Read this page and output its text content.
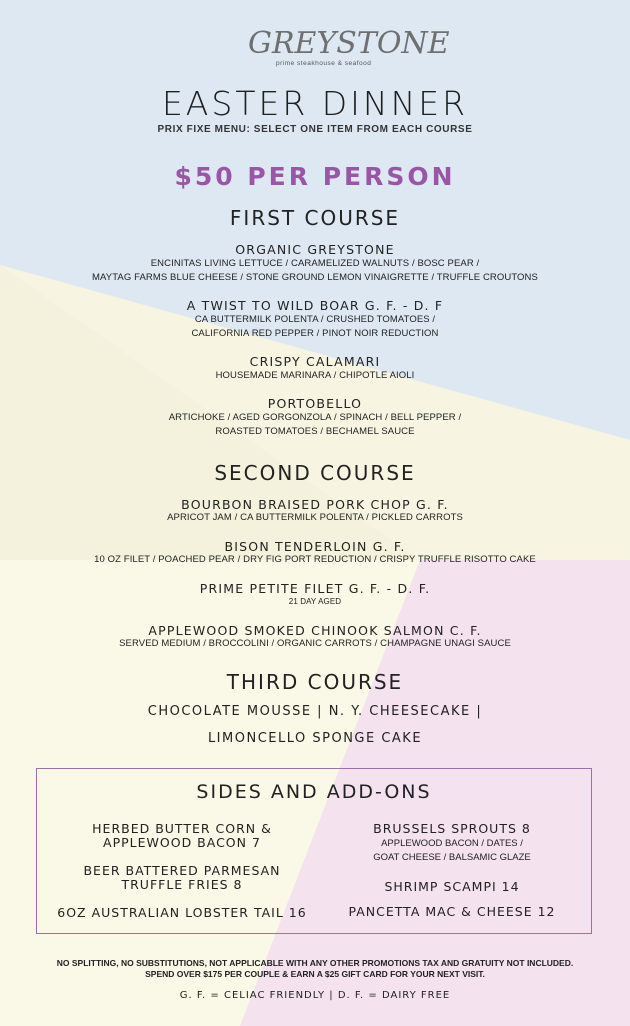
GREYSTONE
prime steakhouse & seafood
EASTER DINNER
PRIX FIXE MENU: SELECT ONE ITEM FROM EACH COURSE
$50 PER PERSON
FIRST COURSE
ORGANIC GREYSTONE
ENCINITAS LIVING LETTUCE / CARAMELIZED WALNUTS / BOSC PEAR /
MAYTAG FARMS BLUE CHEESE / STONE GROUND LEMON VINAIGRETTE / TRUFFLE CROUTONS
A TWIST TO WILD BOAR G. F. - D. F
CA BUTTERMILK POLENTA / CRUSHED TOMATOES /
CALIFORNIA RED PEPPER / PINOT NOIR REDUCTION
CRISPY CALAMARI
HOUSEMADE MARINARA / CHIPOTLE AIOLI
PORTOBELLO
ARTICHOKE / AGED GORGONZOLA / SPINACH / BELL PEPPER /
ROASTED TOMATOES / BECHAMEL SAUCE
SECOND COURSE
BOURBON BRAISED PORK CHOP G. F.
APRICOT JAM / CA BUTTERMILK POLENTA / PICKLED CARROTS
BISON TENDERLOIN G. F.
10 OZ FILET / POACHED PEAR / DRY FIG PORT REDUCTION / CRISPY TRUFFLE RISOTTO CAKE
PRIME PETITE FILET G. F. - D. F.
21 DAY AGED
APPLEWOOD SMOKED CHINOOK SALMON C. F.
SERVED MEDIUM / BROCCOLINI / ORGANIC CARROTS / CHAMPAGNE UNAGI SAUCE
THIRD COURSE
CHOCOLATE MOUSSE | N. Y. CHEESECAKE |
LIMONCELLO SPONGE CAKE
SIDES AND ADD-ONS
HERBED BUTTER CORN &
APPLEWOOD BACON 7
BEER BATTERED PARMESAN
TRUFFLE FRIES 8
6OZ AUSTRALIAN LOBSTER TAIL 16
BRUSSELS SPROUTS 8
APPLEWOOD BACON / DATES /
GOAT CHEESE / BALSAMIC GLAZE
SHRIMP SCAMPI 14
PANCETTA MAC & CHEESE 12
NO SPLITTING, NO SUBSTITUTIONS, NOT APPLICABLE WITH ANY OTHER PROMOTIONS TAX AND GRATUITY NOT INCLUDED.
SPEND OVER $175 PER COUPLE & EARN A $25 GIFT CARD FOR YOUR NEXT VISIT.
G. F. = CELIAC FRIENDLY | D. F. = DAIRY FREE
